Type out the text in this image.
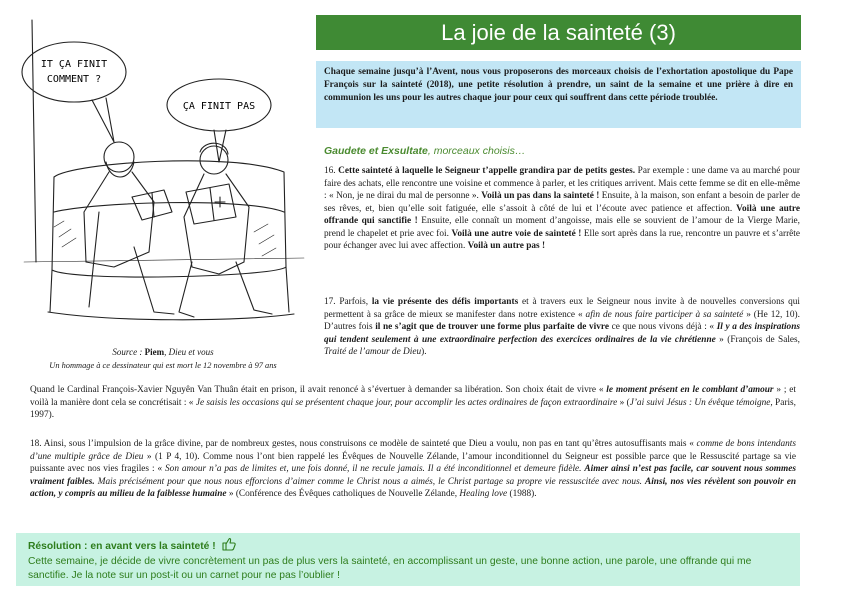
IT ÇA FINIT
COMMENT ?
ÇA FINIT PAS
Source : Piem, Dieu et vous
Un hommage à ce dessinateur qui est mort le 12 novembre à 97 ans
La joie de la sainteté (3)
Chaque semaine jusqu’à l’Avent, nous vous proposerons des morceaux choisis de l’exhortation apostolique du Pape François sur la sainteté (2018), une petite résolution à prendre, un saint de la semaine et une prière à dire en communion les uns pour les autres chaque jour pour ceux qui souffrent dans cette période troublée.
Gaudete et Exsultate, morceaux choisis…
16. Cette sainteté à laquelle le Seigneur t’appelle grandira par de petits gestes. Par exemple : une dame va au marché pour faire des achats, elle rencontre une voisine et commence à parler, et les critiques arrivent. Mais cette femme se dit en elle-même : « Non, je ne dirai du mal de personne ». Voilà un pas dans la sainteté ! Ensuite, à la maison, son enfant a besoin de parler de ses rêves, et, bien qu’elle soit fatiguée, elle s’assoit à côté de lui et l’écoute avec patience et affection. Voilà une autre offrande qui sanctifie ! Ensuite, elle connaît un moment d’angoisse, mais elle se souvient de l’amour de la Vierge Marie, prend le chapelet et prie avec foi. Voilà une autre voie de sainteté ! Elle sort après dans la rue, rencontre un pauvre et s’arrête pour échanger avec lui avec affection. Voilà un autre pas !
17. Parfois, la vie présente des défis importants et à travers eux le Seigneur nous invite à de nouvelles conversions qui permettent à sa grâce de mieux se manifester dans notre existence « afin de nous faire participer à sa sainteté » (He 12, 10). D’autres fois il ne s’agit que de trouver une forme plus parfaite de vivre ce que nous vivons déjà : « Il y a des inspirations qui tendent seulement à une extraordinaire perfection des exercices ordinaires de la vie chrétienne » (François de Sales, Traité de l’amour de Dieu).
Quand le Cardinal François-Xavier Nguyên Van Thuân était en prison, il avait renoncé à s’évertuer à demander sa libération. Son choix était de vivre « le moment présent en le comblant d’amour » ; et voilà la manière dont cela se concrétisait : « Je saisis les occasions qui se présentent chaque jour, pour accomplir les actes ordinaires de façon extraordinaire » (J’ai suivi Jésus : Un évêque témoigne, Paris, 1997).
18. Ainsi, sous l’impulsion de la grâce divine, par de nombreux gestes, nous construisons ce modèle de sainteté que Dieu a voulu, non pas en tant qu’êtres autosuffisants mais « comme de bons intendants d’une multiple grâce de Dieu » (1 P 4, 10). Comme nous l’ont bien rappelé les Évêques de Nouvelle Zélande, l’amour inconditionnel du Seigneur est possible parce que le Ressuscité partage sa vie puissante avec nos vies fragiles : « Son amour n’a pas de limites et, une fois donné, il ne recule jamais. Il a été inconditionnel et demeure fidèle. Aimer ainsi n’est pas facile, car souvent nous sommes vraiment faibles. Mais précisément pour que nous nous efforcions d’aimer comme le Christ nous a aimés, le Christ partage sa propre vie ressuscitée avec nous. Ainsi, nos vies révèlent son pouvoir en action, y compris au milieu de la faiblesse humaine » (Conférence des Évêques catholiques de Nouvelle Zélande, Healing love (1988).
Résolution : en avant vers la sainteté !
Cette semaine, je décide de vivre concrètement un pas de plus vers la sainteté, en accomplissant un geste, une bonne action, une parole, une offrande qui me sanctifie. Je la note sur un post-it ou un carnet pour ne pas l’oublier !
